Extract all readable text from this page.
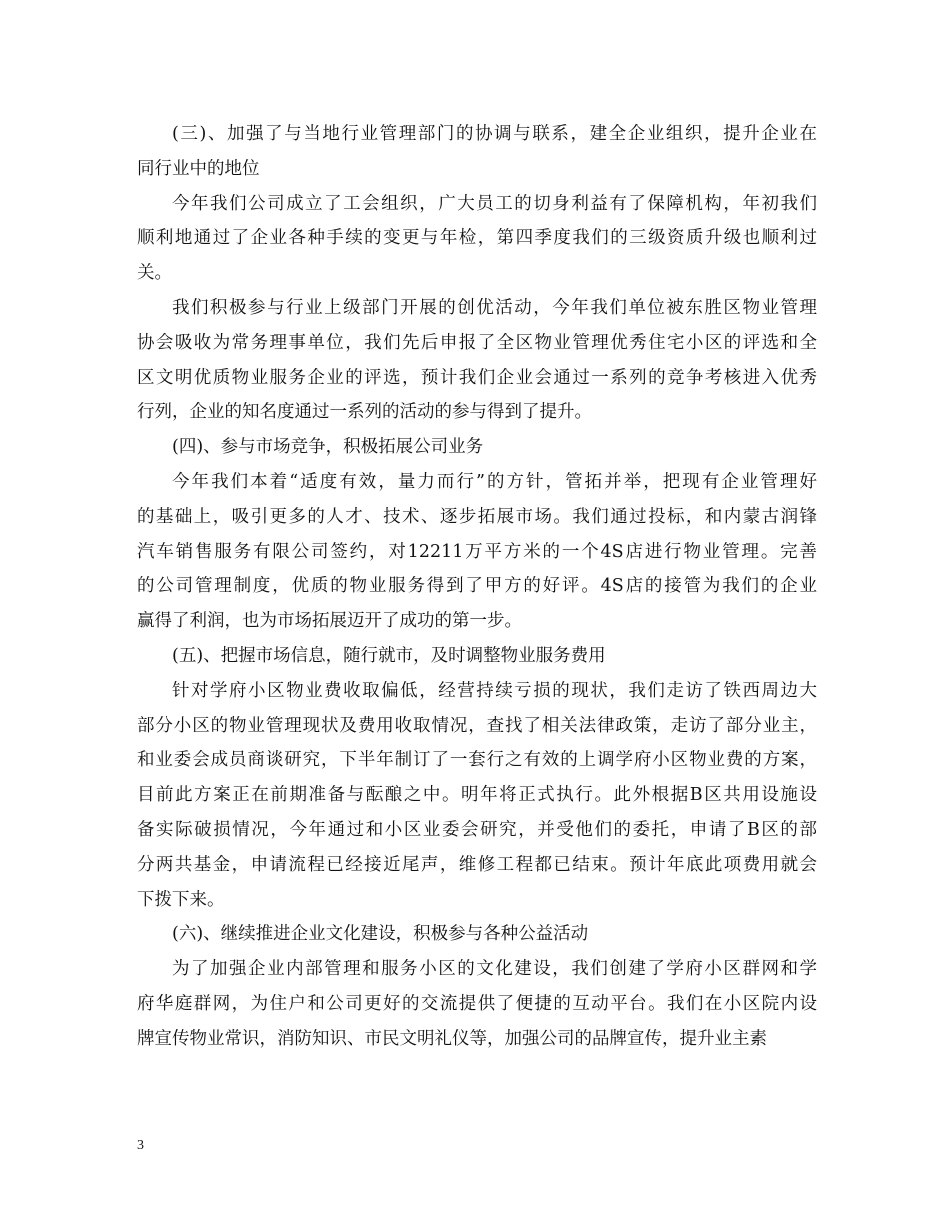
(三)、加强了与当地行业管理部门的协调与联系，建全企业组织，提升企业在
同行业中的地位
今年我们公司成立了工会组织，广大员工的切身利益有了保障机构，年初我们
顺利地通过了企业各种手续的变更与年检，第四季度我们的三级资质升级也顺利过
关。
我们积极参与行业上级部门开展的创优活动，今年我们单位被东胜区物业管理
协会吸收为常务理事单位，我们先后申报了全区物业管理优秀住宅小区的评选和全
区文明优质物业服务企业的评选，预计我们企业会通过一系列的竞争考核进入优秀
行列，企业的知名度通过一系列的活动的参与得到了提升。
(四)、参与市场竞争，积极拓展公司业务
今年我们本着“适度有效，量力而行”的方针，管拓并举，把现有企业管理好
的基础上，吸引更多的人才、技术、逐步拓展市场。我们通过投标，和内蒙古润锋
汽车销售服务有限公司签约，对12211万平方米的一个4S店进行物业管理。完善
的公司管理制度，优质的物业服务得到了甲方的好评。4S店的接管为我们的企业
赢得了利润，也为市场拓展迈开了成功的第一步。
(五)、把握市场信息，随行就市，及时调整物业服务费用
针对学府小区物业费收取偏低，经营持续亏损的现状，我们走访了铁西周边大
部分小区的物业管理现状及费用收取情况，查找了相关法律政策，走访了部分业主，
和业委会成员商谈研究，下半年制订了一套行之有效的上调学府小区物业费的方案，
目前此方案正在前期准备与酝酿之中。明年将正式执行。此外根据B区共用设施设
备实际破损情况，今年通过和小区业委会研究，并受他们的委托，申请了B区的部
分两共基金，申请流程已经接近尾声，维修工程都已结束。预计年底此项费用就会
下拨下来。
(六)、继续推进企业文化建设，积极参与各种公益活动
为了加强企业内部管理和服务小区的文化建设，我们创建了学府小区群网和学
府华庭群网，为住户和公司更好的交流提供了便捷的互动平台。我们在小区院内设
牌宣传物业常识，消防知识、市民文明礼仪等，加强公司的品牌宣传，提升业主素
3
